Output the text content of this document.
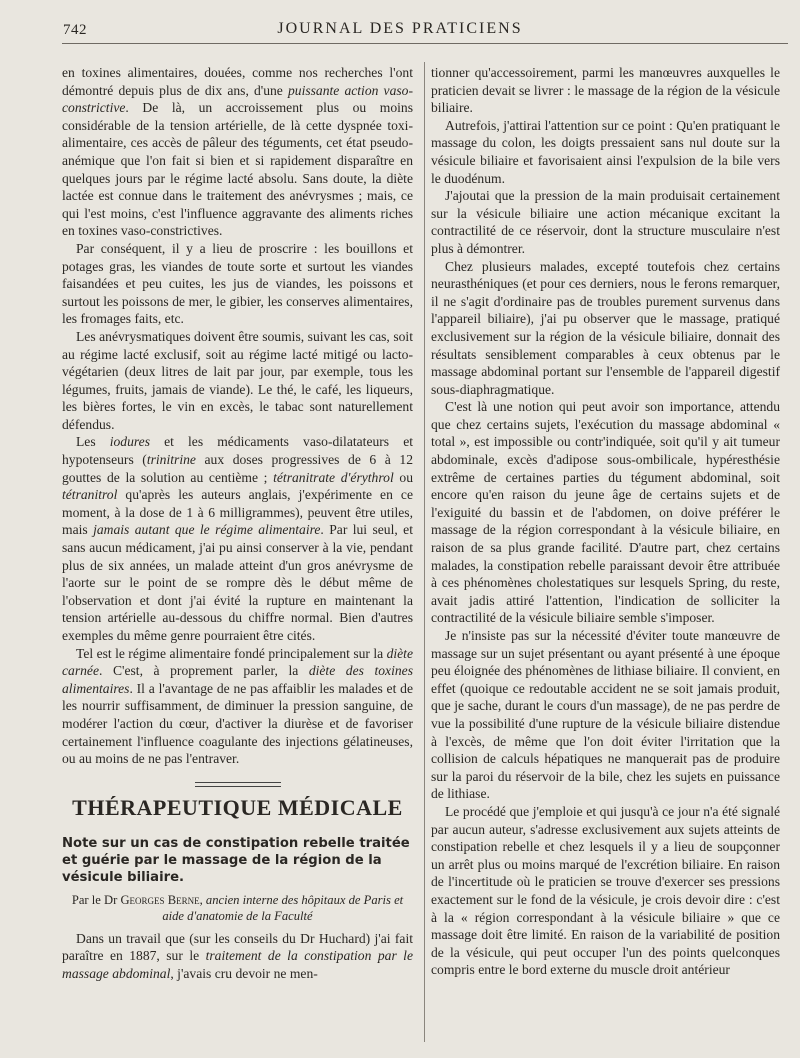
742	JOURNAL DES PRATICIENS

en toxines alimentaires, douées, comme nos recherches l'ont démontré depuis plus de dix ans, d'une puissante action vaso-constrictive. De là, un accroissement plus ou moins considérable de la tension artérielle, de là cette dyspnée toxi-alimentaire, ces accès de pâleur des téguments, cet état pseudo-anémique que l'on fait si bien et si rapidement disparaître en quelques jours par le régime lacté absolu. Sans doute, la diète lactée est connue dans le traitement des anévrysmes ; mais, ce qui l'est moins, c'est l'influence aggravante des aliments riches en toxines vaso-constrictives.

Par conséquent, il y a lieu de proscrire : les bouillons et potages gras, les viandes de toute sorte et surtout les viandes faisandées et peu cuites, les jus de viandes, les poissons et surtout les poissons de mer, le gibier, les conserves alimentaires, les fromages faits, etc.

Les anévrysmatiques doivent être soumis, suivant les cas, soit au régime lacté exclusif, soit au régime lacté mitigé ou lacto-végétarien (deux litres de lait par jour, par exemple, tous les légumes, fruits, jamais de viande). Le thé, le café, les liqueurs, les bières fortes, le vin en excès, le tabac sont naturellement défendus.

Les iodures et les médicaments vaso-dilatateurs et hypotenseurs (trinitrine aux doses progressives de 6 à 12 gouttes de la solution au centième ; tétranitrate d'érythrol ou tétranitrol qu'après les auteurs anglais, j'expérimente en ce moment, à la dose de 1 à 6 milligrammes), peuvent être utiles, mais jamais autant que le régime alimentaire. Par lui seul, et sans aucun médicament, j'ai pu ainsi conserver à la vie, pendant plus de six années, un malade atteint d'un gros anévrysme de l'aorte sur le point de se rompre dès le début même de l'observation et dont j'ai évité la rupture en maintenant la tension artérielle au-dessous du chiffre normal. Bien d'autres exemples du même genre pourraient être cités.

Tel est le régime alimentaire fondé principalement sur la diète carnée. C'est, à proprement parler, la diète des toxines alimentaires. Il a l'avantage de ne pas affaiblir les malades et de les nourrir suffisamment, de diminuer la pression sanguine, de modérer l'action du cœur, d'activer la diurèse et de favoriser certainement l'influence coagulante des injections gélatineuses, ou au moins de ne pas l'entraver.

THÉRAPEUTIQUE MÉDICALE
Note sur un cas de constipation rebelle traitée et guérie par le massage de la région de la vésicule biliaire.

Par le Dr Georges Berne, ancien interne des hôpitaux de Paris et aide d'anatomie de la Faculté

Dans un travail que (sur les conseils du Dr Huchard) j'ai fait paraître en 1887, sur le traitement de la constipation par le massage abdominal, j'avais cru devoir ne men-

tionner qu'accessoirement, parmi les manœuvres auxquelles le praticien devait se livrer : le massage de la région de la vésicule biliaire.

Autrefois, j'attirai l'attention sur ce point : Qu'en pratiquant le massage du colon, les doigts pressaient sans nul doute sur la vésicule biliaire et favorisaient ainsi l'expulsion de la bile vers le duodénum.

J'ajoutai que la pression de la main produisait certainement sur la vésicule biliaire une action mécanique excitant la contractilité de ce réservoir, dont la structure musculaire n'est plus à démontrer.

Chez plusieurs malades, excepté toutefois chez certains neurasthéniques (et pour ces derniers, nous le ferons remarquer, il ne s'agit d'ordinaire pas de troubles purement survenus dans l'appareil biliaire), j'ai pu observer que le massage, pratiqué exclusivement sur la région de la vésicule biliaire, donnait des résultats sensiblement comparables à ceux obtenus par le massage abdominal portant sur l'ensemble de l'appareil digestif sous-diaphragmatique.

C'est là une notion qui peut avoir son importance, attendu que chez certains sujets, l'exécution du massage abdominal « total », est impossible ou contr'indiquée, soit qu'il y ait tumeur abdominale, excès d'adipose sous-ombilicale, hypéresthésie extrême de certaines parties du tégument abdominal, soit encore qu'en raison du jeune âge de certains sujets et de l'exiguité du bassin et de l'abdomen, on doive préférer le massage de la région correspondant à la vésicule biliaire, en raison de sa plus grande facilité. D'autre part, chez certains malades, la constipation rebelle paraissant devoir être attribuée à ces phénomènes cholestatiques sur lesquels Spring, du reste, avait jadis attiré l'attention, l'indication de solliciter la contractilité de la vésicule biliaire semble s'imposer.

Je n'insiste pas sur la nécessité d'éviter toute manœuvre de massage sur un sujet présentant ou ayant présenté à une époque peu éloignée des phénomènes de lithiase biliaire. Il convient, en effet (quoique ce redoutable accident ne se soit jamais produit, que je sache, durant le cours d'un massage), de ne pas perdre de vue la possibilité d'une rupture de la vésicule biliaire distendue à l'excès, de même que l'on doit éviter l'irritation que la collision de calculs hépatiques ne manquerait pas de produire sur la paroi du réservoir de la bile, chez les sujets en puissance de lithiase.

Le procédé que j'emploie et qui jusqu'à ce jour n'a été signalé par aucun auteur, s'adresse exclusivement aux sujets atteints de constipation rebelle et chez lesquels il y a lieu de soupçonner un arrêt plus ou moins marqué de l'excrétion biliaire. En raison de l'incertitude où le praticien se trouve d'exercer ses pressions exactement sur le fond de la vésicule, je crois devoir dire : c'est à la « région correspondant à la vésicule biliaire » que ce massage doit être limité. En raison de la variabilité de position de la vésicule, qui peut occuper l'un des points quelconques compris entre le bord externe du muscle droit antérieur
